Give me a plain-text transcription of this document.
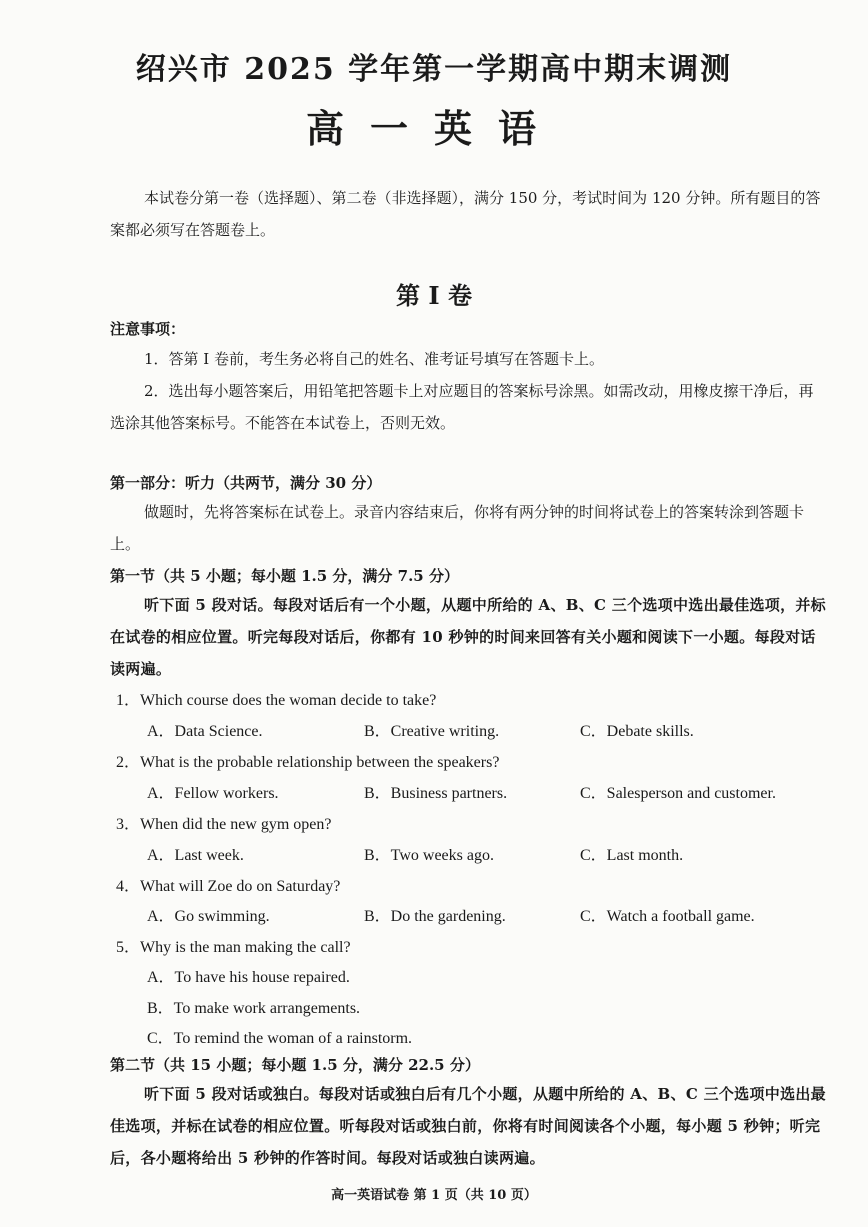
绍兴市 2025 学年第一学期高中期末调测
高一英语
本试卷分第一卷（选择题）、第二卷（非选择题），满分 150 分，考试时间为 120 分钟。所有题目的答案都必须写在答题卷上。
第 I 卷
注意事项：
1．答第 I 卷前，考生务必将自己的姓名、准考证号填写在答题卡上。
2．选出每小题答案后，用铅笔把答题卡上对应题目的答案标号涂黑。如需改动，用橡皮擦干净后，再选涂其他答案标号。不能答在本试卷上，否则无效。
第一部分：听力（共两节，满分 30 分）
做题时，先将答案标在试卷上。录音内容结束后，你将有两分钟的时间将试卷上的答案转涂到答题卡上。
第一节（共 5 小题；每小题 1.5 分，满分 7.5 分）
听下面 5 段对话。每段对话后有一个小题，从题中所给的 A、B、C 三个选项中选出最佳选项，并标在试卷的相应位置。听完每段对话后，你都有 10 秒钟的时间来回答有关小题和阅读下一小题。每段对话读两遍。
1．Which course does the woman decide to take?
A．Data Science.	B．Creative writing.	C．Debate skills.
2．What is the probable relationship between the speakers?
A．Fellow workers.	B．Business partners.	C．Salesperson and customer.
3．When did the new gym open?
A．Last week.	B．Two weeks ago.	C．Last month.
4．What will Zoe do on Saturday?
A．Go swimming.	B．Do the gardening.	C．Watch a football game.
5．Why is the man making the call?
A．To have his house repaired.
B．To make work arrangements.
C．To remind the woman of a rainstorm.
第二节（共 15 小题；每小题 1.5 分，满分 22.5 分）
听下面 5 段对话或独白。每段对话或独白后有几个小题，从题中所给的 A、B、C 三个选项中选出最佳选项，并标在试卷的相应位置。听每段对话或独白前，你将有时间阅读各个小题，每小题 5 秒钟；听完后，各小题将给出 5 秒钟的作答时间。每段对话或独白读两遍。
高一英语试卷 第 1 页（共 10 页）
